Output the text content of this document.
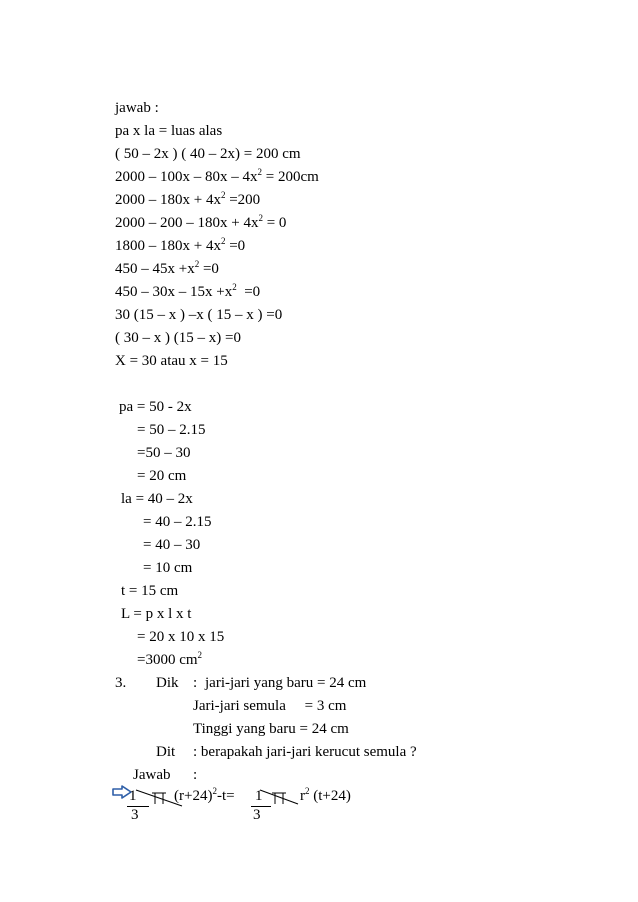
jawab :
pa x la = luas alas
( 50 – 2x ) ( 40 – 2x) = 200 cm
$2000 - 100x - 80x - 4x^2 = 200cm$
$2000 - 180x + 4x^2 =200$
$2000 - 200 - 180x + 4x^2 = 0$
$1800 - 180x + 4x^2 =0$
$450 - 45x +x^2 =0$
$450 - 30x - 15x +x^2 =0$
30 (15 – x ) –x ( 15 – x ) =0
( 30 – x ) (15 – x) =0
X = 30 atau x = 15
pa = 50 - 2x
= 50 – 2.15
=50 – 30
= 20 cm
la = 40 – 2x
= 40 – 2.15
= 40 – 30
= 10 cm
t = 15 cm
L = p x l x t
= 20 x 10 x 15
=3000 $cm^2$
3. Dik : jari-jari yang baru = 24 cm
Jari-jari semula     = 3 cm
Tinggi yang baru = 24 cm
Dit : berapakah jari-jari kerucut semula ?
Jawab :
1
3
$(r+24)^2-t= 1$
3
$r^2$ (t+24)
